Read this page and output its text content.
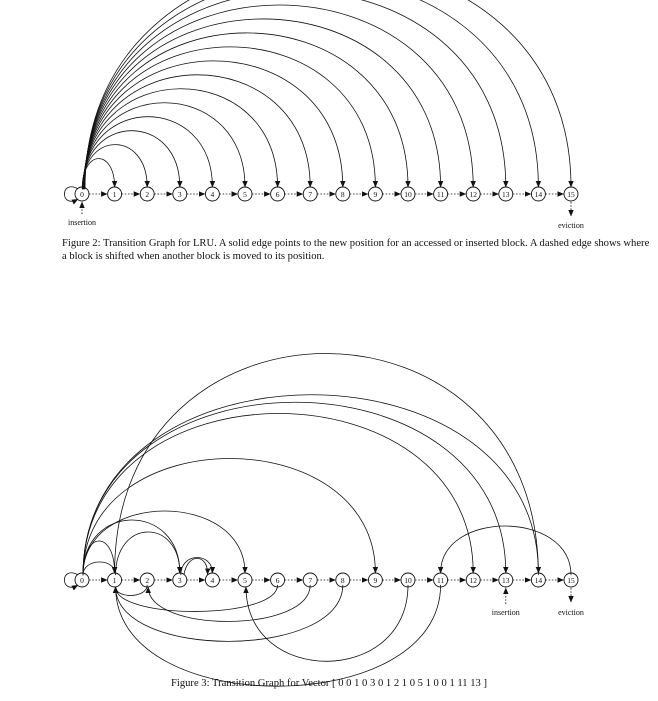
0	1	2	3	4	5	6	7	8	9	10	11	12	13	14	15
insertion	eviction
0	1	2	3	4	5	6	7	8	9	10	11	12	13	14	15
insertion	eviction
Figure 2: Transition Graph for LRU. A solid edge points to the new position for an accessed or inserted block. A dashed edge shows where a block is shifted when another block is moved to its position.
Figure 3: Transition Graph for Vector [ 0 0 1 0 3 0 1 2 1 0 5 1 0 0 1 11 13 ]
